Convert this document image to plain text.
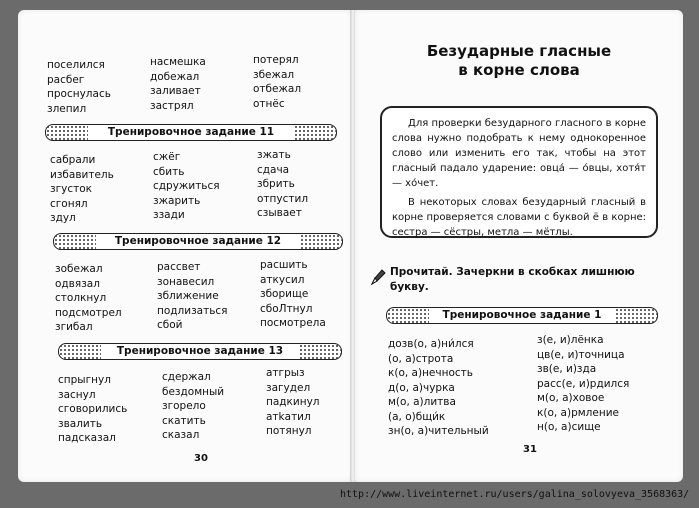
поселился
расбег
проснулась
злепил
насмешка
добежал
заливает
застрял
потерял
збежал
отбежал
отнёс
Тренировочное задание 11
сабрали
избавитель
згусток
сгонял
здул
сжёг
сбить
сдружиться
зжарить
ззади
зжать
сдача
збрить
отпустил
сзывает
Тренировочное задание 12
зобежал
одвязал
столкнул
подсмотрел
згибал
рассвет
зонавесил
зближение
подлизаться
сбой
расшить
аткусил
зборище
сбоЛтнул
посмотрела
Тренировочное задание 13
спрыгнул
заснул
сговорились
звалить
падсказал
сдержал
бездомный
згорело
скатить
сказал
атгрыз
загудел
падкинул
атkатил
потянул
30
Безударные гласные
в корне слова

Для проверки безударного гласного в корне слова нужно подобрать к нему однокоренное слово или изменить его так, чтобы на этот гласный падало ударение: овца́ — о́вцы, хотя́т — хо́чет.

В некоторых словах безударный гласный в корне проверяется словами с буквой ё в корне: сестра — сёстры, метла — мётлы.

Прочитай. Зачеркни в скобках лишнюю букву.
Тренировочное задание 1
дозв(о, а)ни́лся
(о, а)строта
к(о, а)нечность
д(о, а)чурка
м(о, а)литва
(а, о)бщи́к
зн(о, а)чительный
з(е, и)лёнка
цв(е, и)точница
зв(е, и)зда
расс(е, и)рдился
м(о, а)ховое
к(о, а)рмление
н(о, а)сище
31
http://www.liveinternet.ru/users/galina_solovyeva_3568363/
